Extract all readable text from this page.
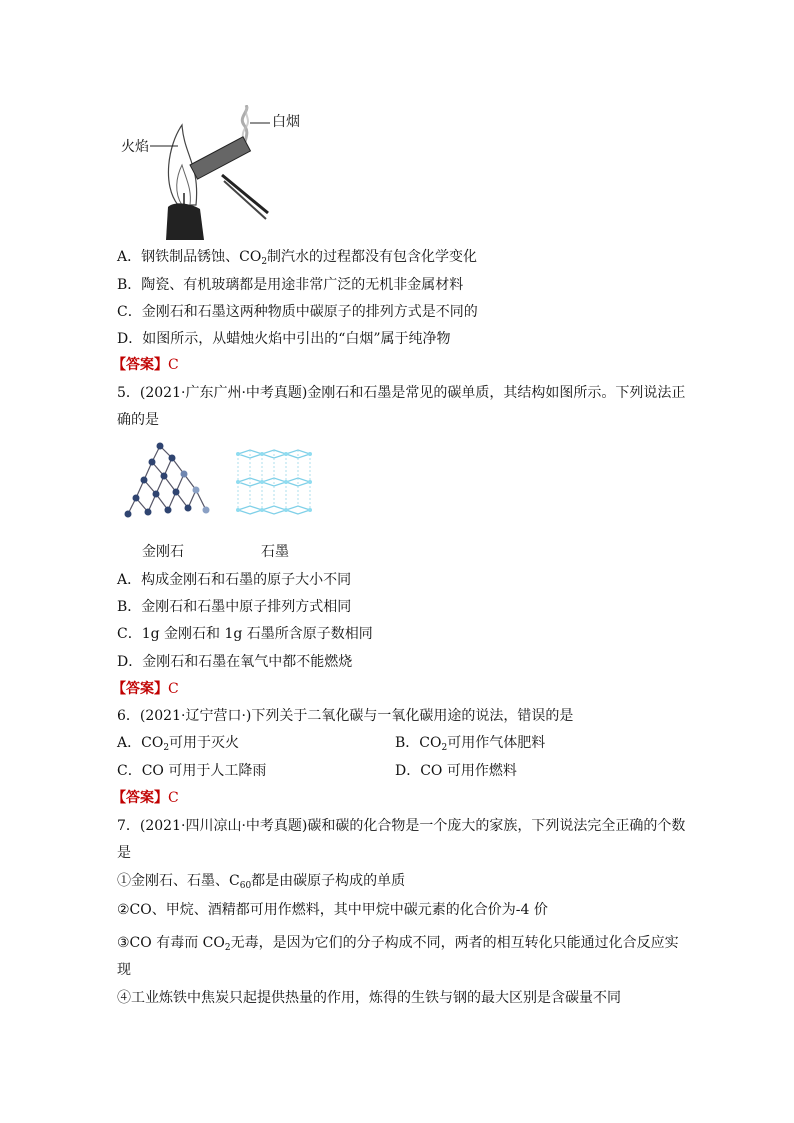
白烟
火焰
A．钢铁制品锈蚀、$CO_2$制汽水的过程都没有包含化学变化
B．陶瓷、有机玻璃都是用途非常广泛的无机非金属材料
C．金刚石和石墨这两种物质中碳原子的排列方式是不同的
D．如图所示，从蜡烛火焰中引出的“白烟”属于纯净物
【答案】C
5．(2021·广东广州·中考真题)金刚石和石墨是常见的碳单质，其结构如图所示。下列说法正
确的是
金刚石	石墨
A．构成金刚石和石墨的原子大小不同
B．金刚石和石墨中原子排列方式相同
C．1g 金刚石和 1g 石墨所含原子数相同
D．金刚石和石墨在氧气中都不能燃烧
【答案】C
6．(2021·辽宁营口·)下列关于二氧化碳与一氧化碳用途的说法，错误的是
A．$CO_2$可用于灭火	B．$CO_2$可用作气体肥料
C．CO 可用于人工降雨	D．CO 可用作燃料
【答案】C
7．(2021·四川凉山·中考真题)碳和碳的化合物是一个庞大的家族，下列说法完全正确的个数
是
①金刚石、石墨、$C_{60}$都是由碳原子构成的单质
②CO、甲烷、酒精都可用作燃料，其中甲烷中碳元素的化合价为-4 价
③CO 有毒而 $CO_2$无毒，是因为它们的分子构成不同，两者的相互转化只能通过化合反应实
现
④工业炼铁中焦炭只起提供热量的作用，炼得的生铁与钢的最大区别是含碳量不同
